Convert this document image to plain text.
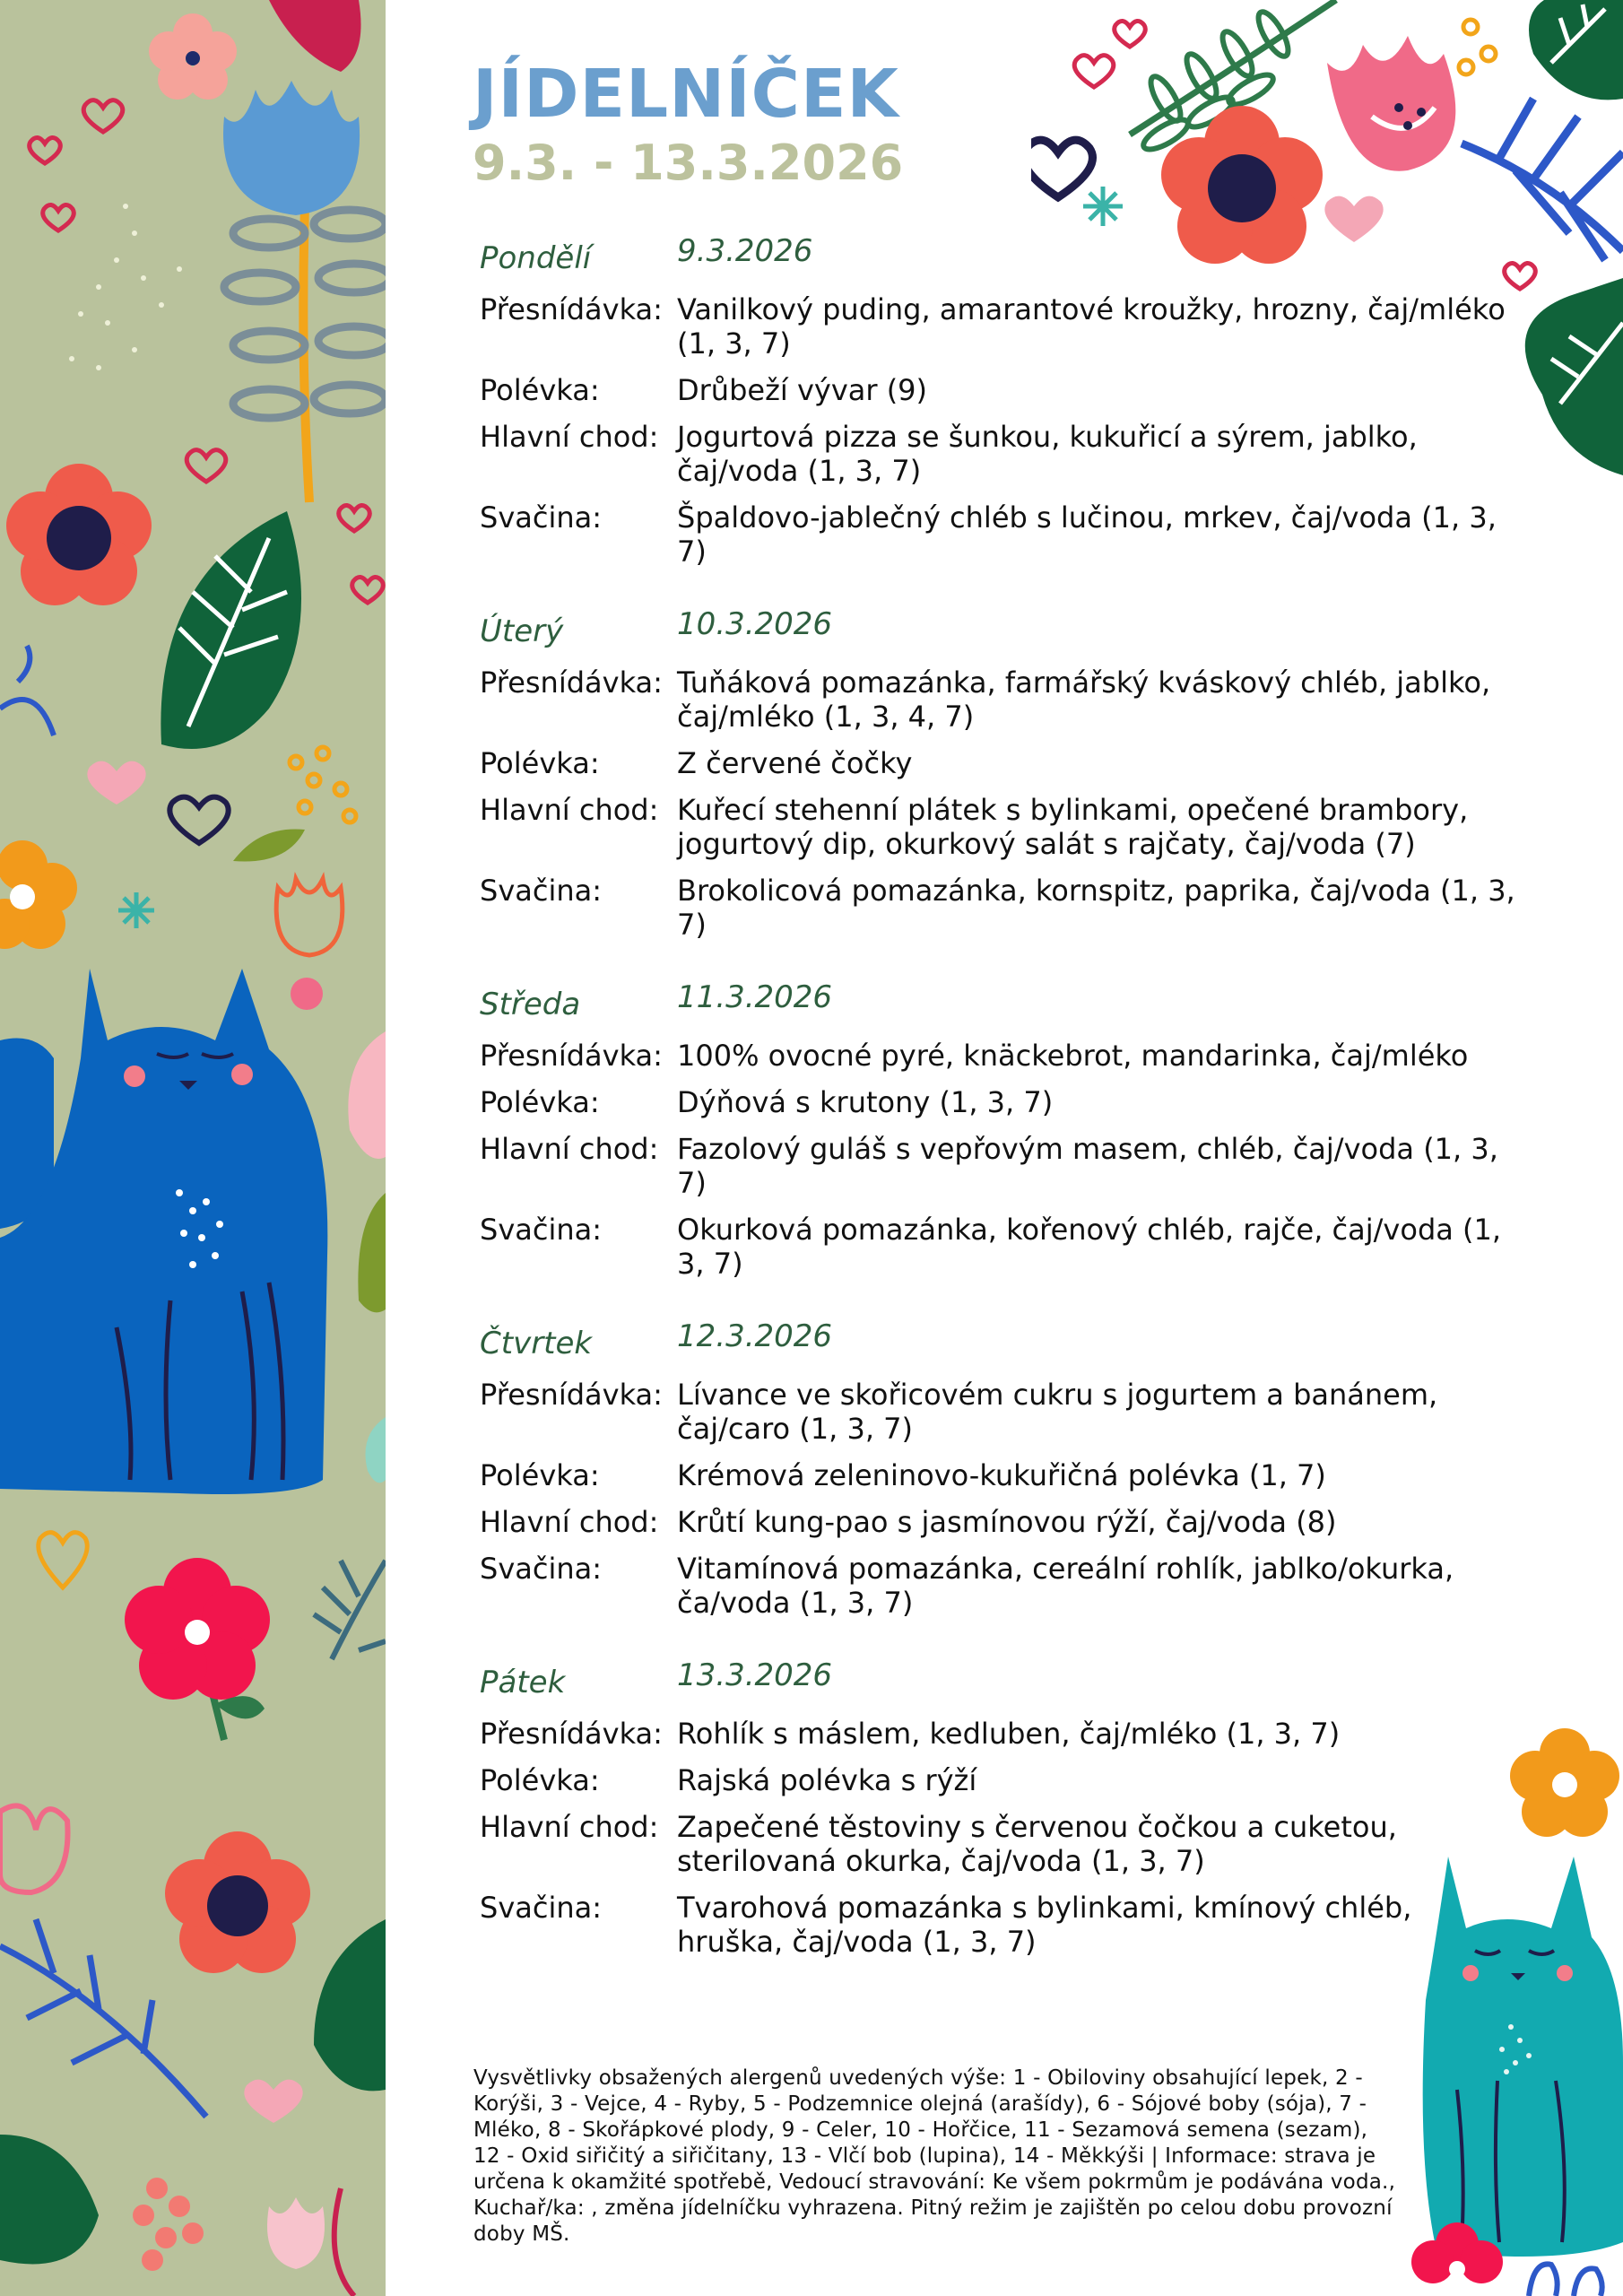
JÍDELNÍČEK
9.3. - 13.3.2026
Pondělí	9.3.2026
Přesnídávka: Vanilkový puding, amarantové kroužky, hrozny, čaj/mléko (1, 3, 7)
Polévka:	Drůbeží vývar (9)
Hlavní chod: Jogurtová pizza se šunkou, kukuřicí a sýrem, jablko, čaj/voda (1, 3, 7)
Svačina:	Špaldovo-jablečný chléb s lučinou, mrkev, čaj/voda (1, 3, 7)
Úterý	10.3.2026
Přesnídávka: Tuňáková pomazánka, farmářský kváskový chléb, jablko, čaj/mléko (1, 3, 4, 7)
Polévka:	Z červené čočky
Hlavní chod: Kuřecí stehenní plátek s bylinkami, opečené brambory, jogurtový dip, okurkový salát s rajčaty, čaj/voda (7)
Svačina:	Brokolicová pomazánka, kornspitz, paprika, čaj/voda (1, 3, 7)
Středa	11.3.2026
Přesnídávka: 100% ovocné pyré, knäckebrot, mandarinka, čaj/mléko
Polévka:	Dýňová s krutony (1, 3, 7)
Hlavní chod: Fazolový guláš s vepřovým masem, chléb, čaj/voda (1, 3, 7)
Svačina:	Okurková pomazánka, kořenový chléb, rajče, čaj/voda (1, 3, 7)
Čtvrtek	12.3.2026
Přesnídávka: Lívance ve skořicovém cukru s jogurtem a banánem, čaj/caro (1, 3, 7)
Polévka:	Krémová zeleninovo-kukuřičná polévka (1, 7)
Hlavní chod: Krůtí kung-pao s jasmínovou rýží, čaj/voda (8)
Svačina:	Vitamínová pomazánka, cereální rohlík, jablko/okurka, ča/voda (1, 3, 7)
Pátek	13.3.2026
Přesnídávka: Rohlík s máslem, kedluben, čaj/mléko (1, 3, 7)
Polévka:	Rajská polévka s rýží
Hlavní chod: Zapečené těstoviny s červenou čočkou a cuketou, sterilovaná okurka, čaj/voda (1, 3, 7)
Svačina:	Tvarohová pomazánka s bylinkami, kmínový chléb, hruška, čaj/voda (1, 3, 7)
Vysvětlivky obsažených alergenů uvedených výše: 1 - Obiloviny obsahující lepek, 2 - Korýši, 3 - Vejce, 4 - Ryby, 5 - Podzemnice olejná (arašídy), 6 - Sójové boby (sója), 7 - Mléko, 8 - Skořápkové plody, 9 - Celer, 10 - Hořčice, 11 - Sezamová semena (sezam), 12 - Oxid siřičitý a siřičitany, 13 - Vlčí bob (lupina), 14 - Měkkýši | Informace: strava je určena k okamžité spotřebě, Vedoucí stravování: Ke všem pokrmům je podávána voda., Kuchař/ka: , změna jídelníčku vyhrazena. Pitný režim je zajištěn po celou dobu provozní doby MŠ.
